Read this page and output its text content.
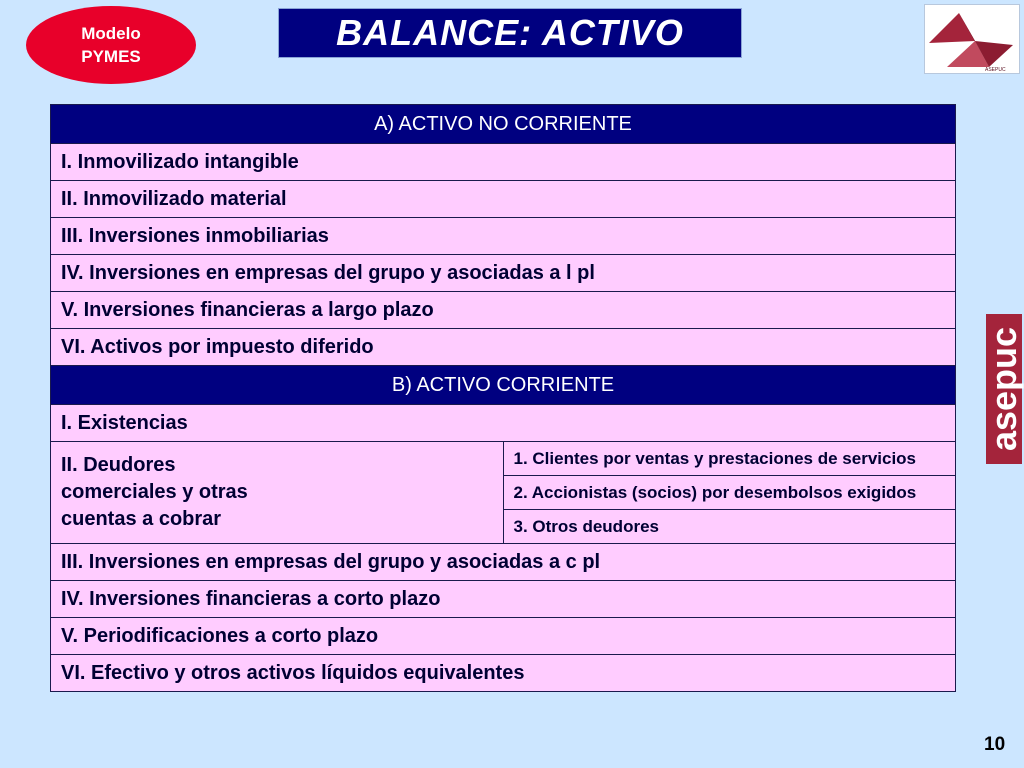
Modelo
PYMES
BALANCE: ACTIVO
ASEPUC
asepuc
A) ACTIVO NO CORRIENTE
I. Inmovilizado intangible
II. Inmovilizado material
III. Inversiones inmobiliarias
IV. Inversiones en empresas del grupo y asociadas a l pl
V. Inversiones financieras a largo plazo
VI. Activos por impuesto diferido
B) ACTIVO CORRIENTE
I. Existencias

II. Deudores
comerciales y otras
cuentas a cobrar
	1. Clientes por ventas y prestaciones de servicios
2. Accionistas (socios) por desembolsos exigidos
3. Otros deudores
III. Inversiones en empresas del grupo y asociadas a c pl
IV. Inversiones financieras a corto plazo
V. Periodificaciones a corto plazo
VI. Efectivo y otros activos líquidos equivalentes
10
